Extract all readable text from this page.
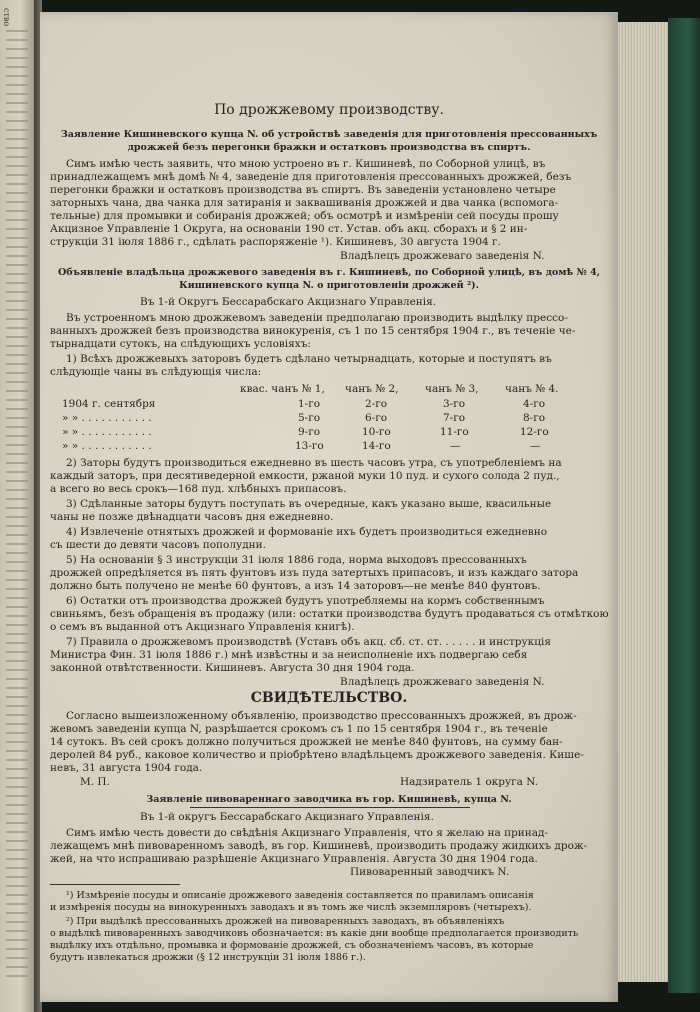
ство
По дрожжевому производству.
Заявление Кишиневского купца N. об устройствѣ заведенія для приготовленія прессованныхъ
дрожжей безъ перегонки бражки и остатковъ производства въ спиртъ.
Симъ имѣю честь заявить, что мною устроено въ г. Кишиневѣ, по Соборной улицѣ, въ
принадлежащемъ мнѣ домѣ № 4, заведеніе для приготовленія прессованныхъ дрожжей, безъ
перегонки бражки и остатковъ производства въ спиртъ. Въ заведеніи установлено четыре
заторныхъ чана, два чанка для затиранія и заквашиванія дрожжей и два чанка (вспомога-
тельные) для промывки и собиранія дрожжей; объ осмотрѣ и измѣреніи сей посуды прошу
Акцизное Управленіе 1 Округа, на основаніи 190 ст. Устав. объ акц. сборахъ и § 2 ин-
струкціи 31 іюля 1886 г., сдѣлать распоряженіе ¹). Кишиневъ, 30 августа 1904 г.
Владѣлецъ дрожжеваго заведенія N.
Объявленіе владѣльца дрожжевого заведенія въ г. Кишиневѣ, по Соборной улицѣ, въ домѣ № 4,
Кишиневского купца N. о приготовленіи дрожжей ²).
Въ 1-й Округъ Бессарабскаго Акцизнаго Управленія.
Въ устроенномъ мною дрожжевомъ заведеніи предполагаю производить выдѣлку прессо-
ванныхъ дрожжей безъ производства винокуренія, съ 1 по 15 сентября 1904 г., въ теченіе че-
тырнадцати сутокъ, на слѣдующихъ условіяхъ:
1) Всѣхъ дрожжевыхъ заторовъ будетъ сдѣлано четырнадцать, которые и поступятъ въ
слѣдующіе чаны въ слѣдующія числа:
квас. чанъ № 1, чанъ № 2,	чанъ № 3,	чанъ № 4.
1904 г. сентября	1-го	2-го	3-го	4-го
» » . . . . . . . . . . .	5-го	6-го	7-го	8-го
» » . . . . . . . . . . .	9-го	10-го	11-го	12-го
» » . . . . . . . . . . .	13-го	14-го	—	—
2) Заторы будутъ производиться ежедневно въ шесть часовъ утра, съ употребленіемъ на
каждый заторъ, при десятиведерной емкости, ржаной муки 10 пуд. и сухого солода 2 пуд.,
а всего во весь срокъ—168 пуд. хлѣбныхъ припасовъ.
3) Сдѣланные заторы будутъ поступать въ очередные, какъ указано выше, квасильные
чаны не позже двѣнадцати часовъ дня ежедневно.
4) Извлеченіе отнятыхъ дрожжей и формованіе ихъ будетъ производиться ежедневно
съ шести до девяти часовъ пополудни.
5) На основаніи § 3 инструкціи 31 іюля 1886 года, норма выходовъ прессованныхъ
дрожжей опредѣляется въ пять фунтовъ изъ пуда затертыхъ припасовъ, и изъ каждаго затора
должно быть получено не менѣе 60 фунтовъ, а изъ 14 заторовъ—не менѣе 840 фунтовъ.
6) Остатки отъ производства дрожжей будутъ употребляемы на кормъ собственнымъ
свиньямъ, безъ обращенія въ продажу (или: остатки производства будутъ продаваться съ отмѣткою
о семъ въ выданной отъ Акцизнаго Управленія книгѣ).
7) Правила о дрожжевомъ производствѣ (Уставъ объ акц. сб. ст. ст. . . . . . и инструкція
Министра Фин. 31 іюля 1886 г.) мнѣ извѣстны и за неисполненіе ихъ подвергаю себя
законной отвѣтственности. Кишиневъ. Августа 30 дня 1904 года.
Владѣлецъ дрожжеваго заведенія N.
СВИДѢТЕЛЬСТВО.
Согласно вышеизложенному объявленію, производство прессованныхъ дрожжей, въ дрож-
жевомъ заведеніи купца N, разрѣшается срокомъ съ 1 по 15 сентября 1904 г., въ теченіе
14 сутокъ. Въ сей срокъ должно получиться дрожжей не менѣе 840 фунтовъ, на сумму бан-
деролей 84 руб., каковое количество и пріобрѣтено владѣльцемъ дрожжевого заведенія. Кише-
невъ, 31 августа 1904 года.
М. П.	Надзиратель 1 округа N.
Заявленіе пивовареннаго заводчика въ гор. Кишиневѣ, купца N.
Въ 1-й округъ Бессарабскаго Акцизнаго Управленія.
Симъ имѣю честь довести до свѣдѣнія Акцизнаго Управленія, что я желаю на принад-
лежащемъ мнѣ пивоваренномъ заводѣ, въ гор. Кишиневѣ, производить продажу жидкихъ дрож-
жей, на что испрашиваю разрѣшеніе Акцизнаго Управленія. Августа 30 дня 1904 года.
Пивоваренный заводчикъ N.
¹) Измѣреніе посуды и описаніе дрожжевого заведенія составляется по правиламъ описанія
и измѣренія посуды на винокуренныхъ заводахъ и въ томъ же числѣ экземпляровъ (четырехъ).
²) При выдѣлкѣ прессованныхъ дрожжей на пивоваренныхъ заводахъ, въ объявленіяхъ
о выдѣлкѣ пивоваренныхъ заводчиковъ обозначается: въ какіе дни вообще предполагается производить
выдѣлку ихъ отдѣльно, промывка и формованіе дрожжей, съ обозначеніемъ часовъ, въ которые
будутъ извлекаться дрожжи (§ 12 инструкціи 31 іюля 1886 г.).
